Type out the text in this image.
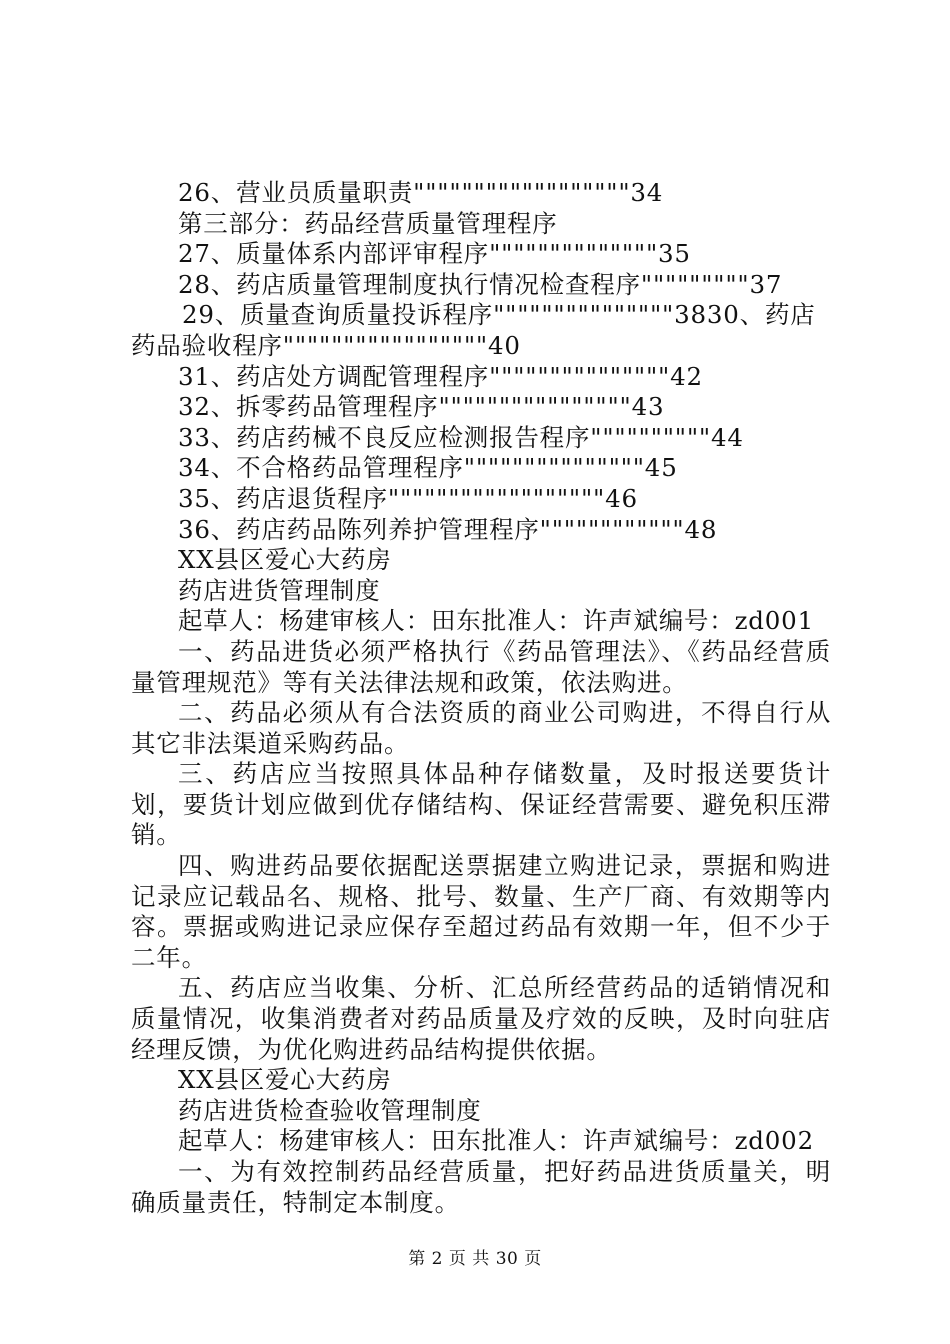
26、营业员质量职责""""""""""""""""""34

第三部分：药品经营质量管理程序

27、质量体系内部评审程序""""""""""""""35

28、药店质量管理制度执行情况检查程序"""""""""37

29、质量查询质量投诉程序"""""""""""""""3830、药店药品验收程序"""""""""""""""""40

31、药店处方调配管理程序"""""""""""""""42

32、拆零药品管理程序""""""""""""""""43

33、药店药械不良反应检测报告程序""""""""""44

34、不合格药品管理程序"""""""""""""""45

35、药店退货程序""""""""""""""""""46

36、药店药品陈列养护管理程序""""""""""""48

XX县区爱心大药房

药店进货管理制度

起草人：杨建审核人：田东批准人：许声斌编号：zd001

一、药品进货必须严格执行《药品管理法》、《药品经营质量管理规范》等有关法律法规和政策，依法购进。

二、药品必须从有合法资质的商业公司购进，不得自行从其它非法渠道采购药品。

三、药店应当按照具体品种存储数量，及时报送要货计划，要货计划应做到优存储结构、保证经营需要、避免积压滞销。

四、购进药品要依据配送票据建立购进记录，票据和购进记录应记载品名、规格、批号、数量、生产厂商、有效期等内容。票据或购进记录应保存至超过药品有效期一年，但不少于二年。

五、药店应当收集、分析、汇总所经营药品的适销情况和质量情况，收集消费者对药品质量及疗效的反映，及时向驻店经理反馈，为优化购进药品结构提供依据。

XX县区爱心大药房

药店进货检查验收管理制度

起草人：杨建审核人：田东批准人：许声斌编号：zd002

一、为有效控制药品经营质量，把好药品进货质量关，明确质量责任，特制定本制度。

第 2 页 共 30 页
